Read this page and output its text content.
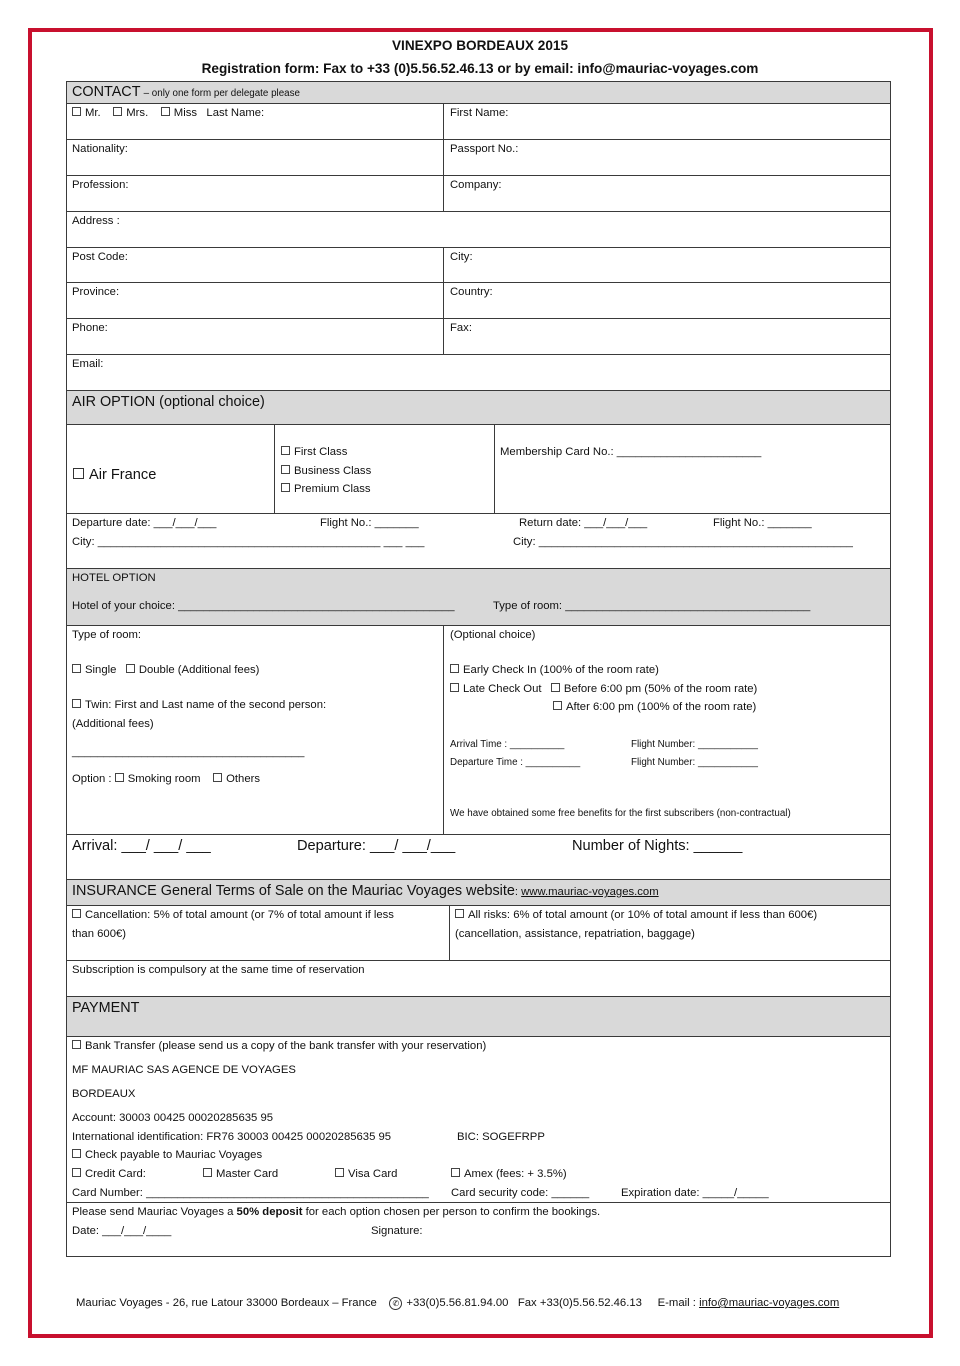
VINEXPO BORDEAUX 2015
Registration form: Fax to +33 (0)5.56.52.46.13 or by email: info@mauriac-voyages.com
CONTACT – only one form per delegate please
Mr. Mrs. Miss Last Name:	First Name:
Nationality:	Passport No.:
Profession:	Company:
Address :
Post Code:	City:
Province:	Country:
Phone:	Fax:
Email:
AIR OPTION (optional choice)
Air France
First Class
Business Class
Premium Class
Membership Card No.: _______________________
Departure date: ___/___/___	Flight No.: _______	Return date: ___/___/___	Flight No.: _______
City: _____________________________________________ ___ ___	City: __________________________________________________
HOTEL OPTION
Hotel of your choice: ____________________________________________	Type of room: _______________________________________
Type of room:
Single Double (Additional fees)
Twin: First and Last name of the second person:
(Additional fees)
_____________________________________
Option : Smoking room Others
(Optional choice)
Early Check In (100% of the room rate)
Late Check Out Before 6:00 pm (50% of the room rate)
After 6:00 pm (100% of the room rate)
Arrival Time : __________	Flight Number: ___________
Departure Time : __________	Flight Number: ___________
We have obtained some free benefits for the first subscribers (non-contractual)
Arrival: ___/ ___/ ___	Departure: ___/ ___/___	Number of Nights: ______
INSURANCE General Terms of Sale on the Mauriac Voyages website: www.mauriac-voyages.com
Cancellation: 5% of total amount (or 7% of total amount if less
than 600€)
All risks: 6% of total amount (or 10% of total amount if less than 600€)
(cancellation, assistance, repatriation, baggage)
Subscription is compulsory at the same time of reservation
PAYMENT
Bank Transfer (please send us a copy of the bank transfer with your reservation)
MF MAURIAC SAS AGENCE DE VOYAGES
BORDEAUX
Account: 30003 00425 00020285635 95
International identification: FR76 30003 00425 00020285635 95	BIC: SOGEFRPP
Check payable to Mauriac Voyages
Credit Card:	Master Card	Visa Card	Amex (fees: + 3.5%)
Card Number: _____________________________________________ Card security code: ______	Expiration date: _____/_____
Please send Mauriac Voyages a 50% deposit for each option chosen per person to confirm the bookings.
Date: ___/___/____	Signature:
Mauriac Voyages - 26, rue Latour 33000 Bordeaux – France ✆ +33(0)5.56.81.94.00 Fax +33(0)5.56.52.46.13 E-mail : info@mauriac-voyages.com
